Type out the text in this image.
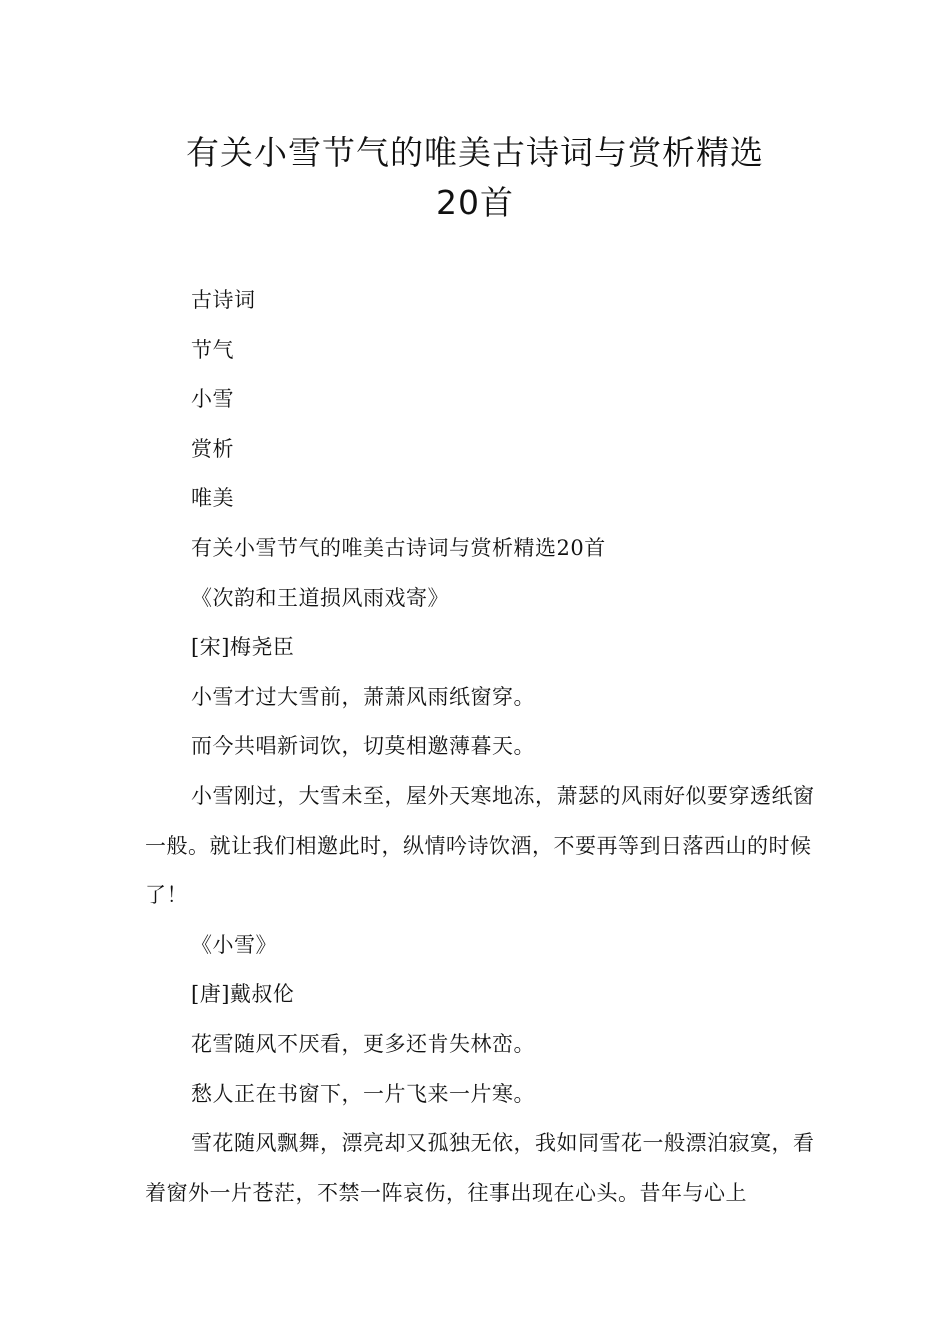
有关小雪节气的唯美古诗词与赏析精选
20首

古诗词

节气

小雪

赏析

唯美

有关小雪节气的唯美古诗词与赏析精选20首

《次韵和王道损风雨戏寄》

[宋]梅尧臣

小雪才过大雪前，萧萧风雨纸窗穿。

而今共唱新词饮，切莫相邀薄暮天。

小雪刚过，大雪未至，屋外天寒地冻，萧瑟的风雨好似要穿透纸窗一般。就让我们相邀此时，纵情吟诗饮酒，不要再等到日落西山的时候了！

《小雪》

[唐]戴叔伦

花雪随风不厌看，更多还肯失林峦。

愁人正在书窗下，一片飞来一片寒。

雪花随风飘舞，漂亮却又孤独无依，我如同雪花一般漂泊寂寞，看着窗外一片苍茫，不禁一阵哀伤，往事出现在心头。昔年与心上
